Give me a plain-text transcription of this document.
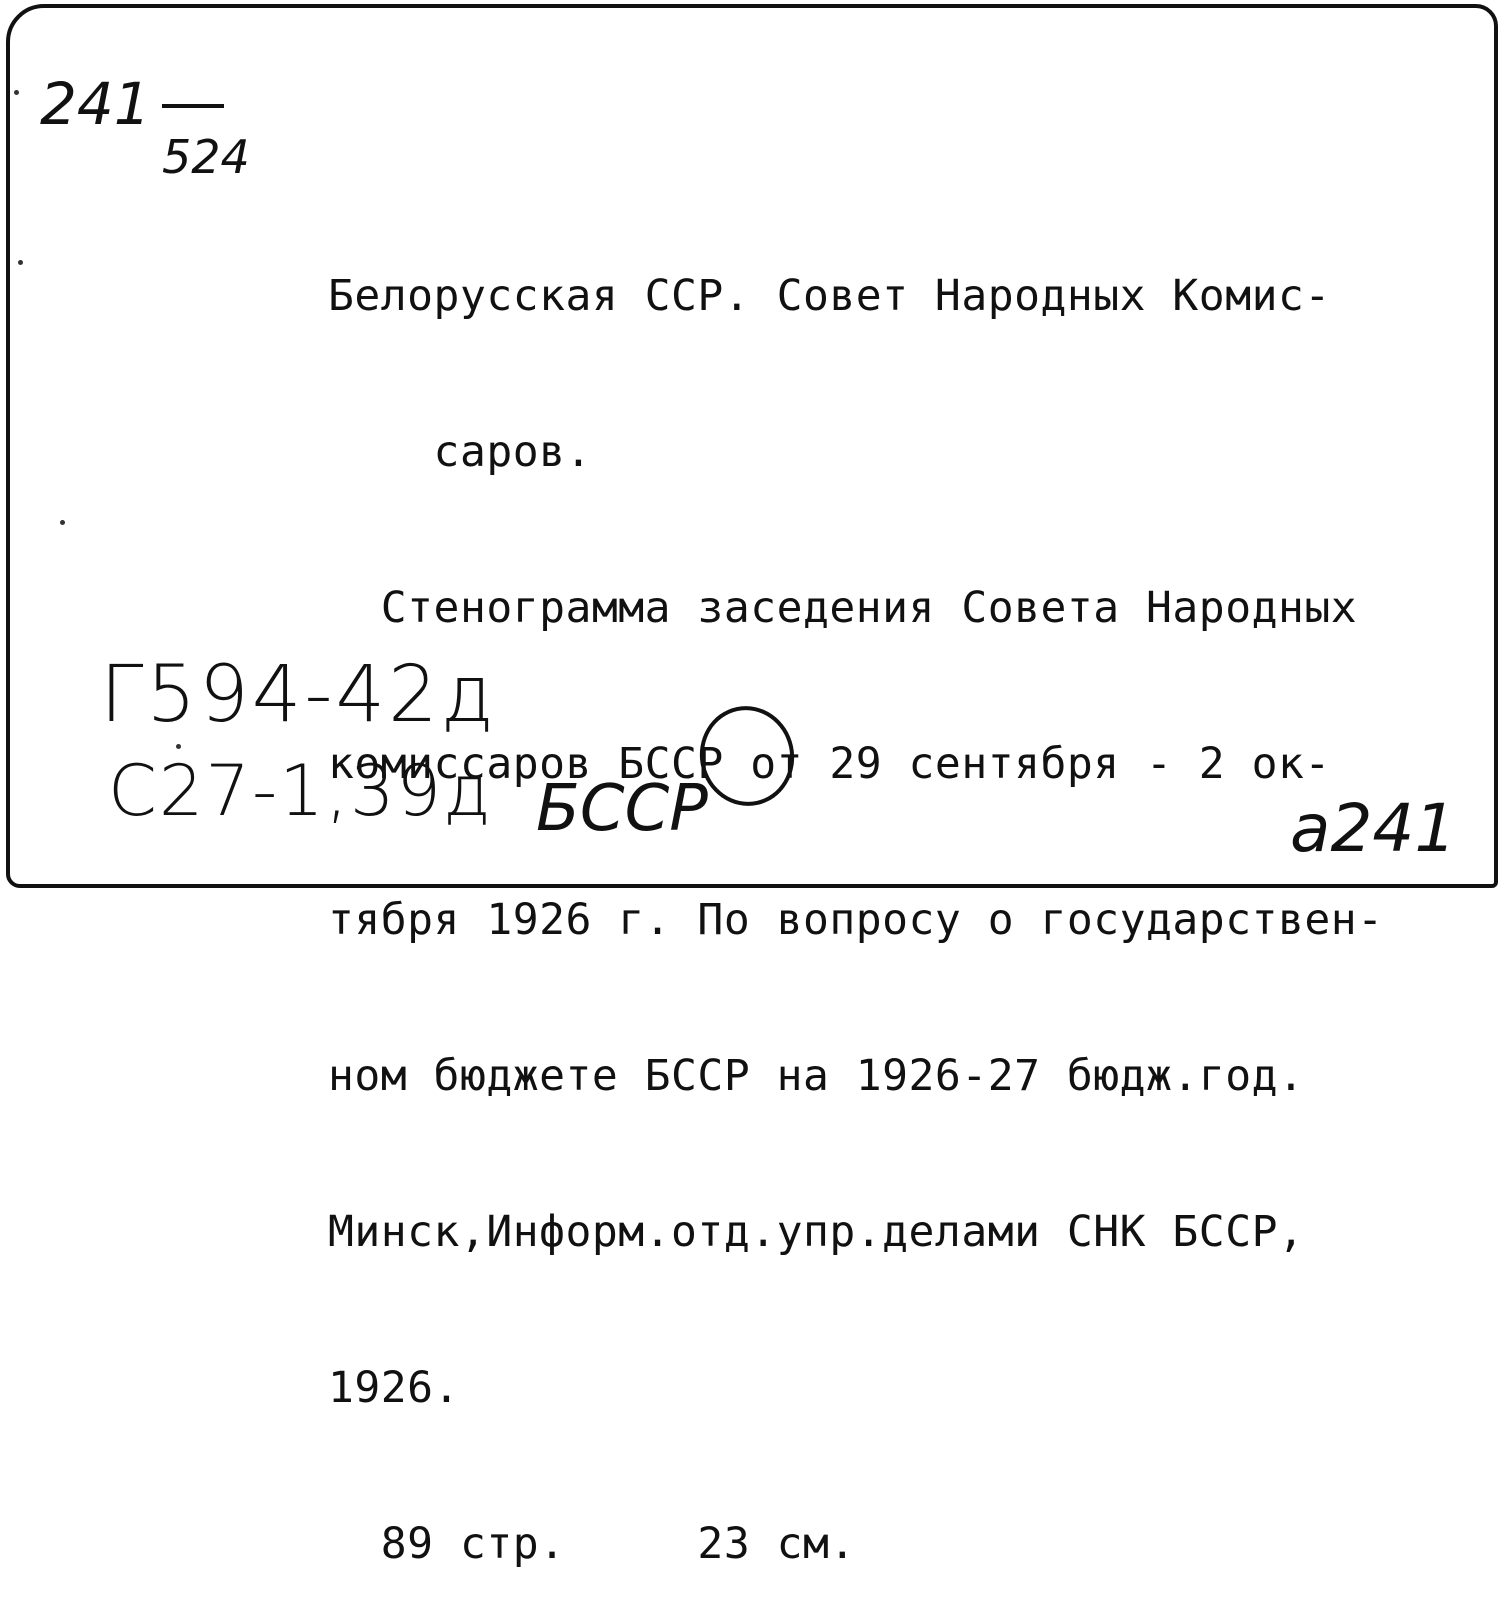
241
524

Белорусская ССР. Совет Народных Комис-

саров.

Стенограмма заседения Совета Народных

комиссаров БССР от 29 сентября - 2 ок-

тября 1926 г. По вопросу о государствен-

ном бюджете БССР на 1926-27 бюдж.год.

Минск,Информ.отд.упр.делами СНК БССР,

1926.

89 стр.     23 см.

Г594-42д
С27-1,39д БССР	а241
